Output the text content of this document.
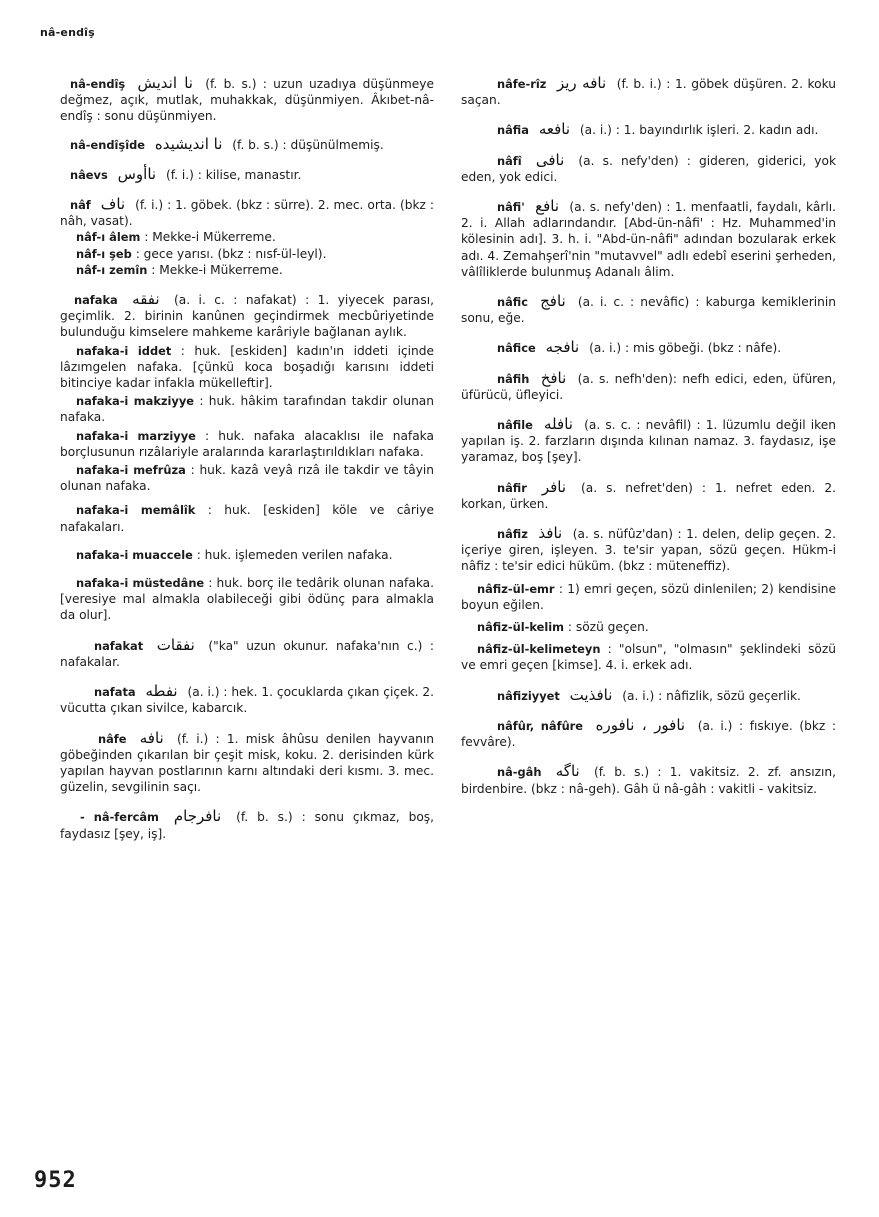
nâ-endîş

nâ-endîş نا اندیش (f. b. s.) : uzun uzadıya düşünmeye değmez, açık, mutlak, muhakkak, düşünmiyen. Âkıbet-nâ-endîş : sonu düşünmiyen.

nâ-endîşîde نا اندیشیده (f. b. s.) : düşünülmemiş.

nâevs ناأوس (f. i.) : kilise, manastır.

nâf ناف (f. i.) : 1. göbek. (bkz : sürre). 2. mec. orta. (bkz : nâh, vasat).

nâf-ı âlem : Mekke-i Mükerreme.

nâf-ı şeb : gece yarısı. (bkz : nısf-ül-leyl).

nâf-ı zemîn : Mekke-i Mükerreme.

nafaka نفقه (a. i. c. : nafakat) : 1. yiyecek parası, geçimlik. 2. birinin kanûnen geçindirmek mecbûriyetinde bulunduğu kimselere mahkeme karâriyle bağlanan aylık.

nafaka-i iddet : huk. [eskiden] kadın'ın iddeti içinde lâzımgelen nafaka. [çünkü koca boşadığı karısını iddeti bitinciye kadar infakla mükelleftir].

nafaka-i makziyye : huk. hâkim tarafından takdir olunan nafaka.

nafaka-i marziyye : huk. nafaka alacaklısı ile nafaka borçlusunun rızâlariyle aralarında kararlaştırıldıkları nafaka.

nafaka-i mefrûza : huk. kazâ veyâ rızâ ile takdir ve tâyin olunan nafaka.

nafaka-i memâlîk : huk. [eskiden] köle ve câriye nafakaları.

nafaka-i muaccele : huk. işlemeden verilen nafaka.

nafaka-i müstedâne : huk. borç ile tedârik olunan nafaka. [veresiye mal almakla olabileceği gibi ödünç para almakla da olur].

nafakat نفقات ("ka" uzun okunur. nafaka'nın c.) : nafakalar.

nafata نفطه (a. i.) : hek. 1. çocuklarda çıkan çiçek. 2. vücutta çıkan sivilce, kabarcık.

nâfe نافه (f. i.) : 1. misk âhûsu denilen hayvanın göbeğinden çıkarılan bir çeşit misk, koku. 2. derisinden kürk yapılan hayvan postlarının karnı altındaki deri kısmı. 3. mec. güzelin, sevgilinin saçı.

- nâ-fercâm نافرجام (f. b. s.) : sonu çıkmaz, boş, faydasız [şey, iş].

nâfe-rîz نافه ریز (f. b. i.) : 1. göbek düşüren. 2. koku saçan.

nâfia نافعه (a. i.) : 1. bayındırlık işleri. 2. kadın adı.

nâfî نافی (a. s. nefy'den) : gideren, giderici, yok eden, yok edici.

nâfi' نافع (a. s. nefy'den) : 1. menfaatli, faydalı, kârlı. 2. i. Allah adlarındandır. [Abd-ün-nâfi' : Hz. Muhammed'in kölesinin adı]. 3. h. i. "Abd-ün-nâfi" adından bozularak erkek adı. 4. Zemahşerî'nin "mutavvel" adlı edebî eserini şerheden, vâlîliklerde bulunmuş Adanalı âlim.

nâfic نافج (a. i. c. : nevâfic) : kaburga kemiklerinin sonu, eğe.

nâfice نافجه (a. i.) : mis göbeği. (bkz : nâfe).

nâfih نافخ (a. s. nefh'den): nefh edici, eden, üfüren, üfürücü, üfleyici.

nâfile نافله (a. s. c. : nevâfil) : 1. lüzumlu değil iken yapılan iş. 2. farzların dışında kılınan namaz. 3. faydasız, işe yaramaz, boş [şey].

nâfir نافر (a. s. nefret'den) : 1. nefret eden. 2. korkan, ürken.

nâfiz نافذ (a. s. nüfûz'dan) : 1. delen, delip geçen. 2. içeriye giren, işleyen. 3. te'sir yapan, sözü geçen. Hükm-i nâfiz : te'sir edici hüküm. (bkz : müteneffiz).

nâfiz-ül-emr : 1) emri geçen, sözü dinlenilen; 2) kendisine boyun eğilen.

nâfiz-ül-kelim : sözü geçen.

nâfiz-ül-kelimeteyn : "olsun", "olmasın" şeklindeki sözü ve emri geçen [kimse]. 4. i. erkek adı.

nâfiziyyet نافذیت (a. i.) : nâfizlik, sözü geçerlik.

nâfûr, nâfûre نافور ، نافوره (a. i.) : fıskıye. (bkz : fevvâre).

nâ-gâh ناگه (f. b. s.) : 1. vakitsiz. 2. zf. ansızın, birdenbire. (bkz : nâ-geh). Gâh ü nâ-gâh : vakitli - vakitsiz.

952
